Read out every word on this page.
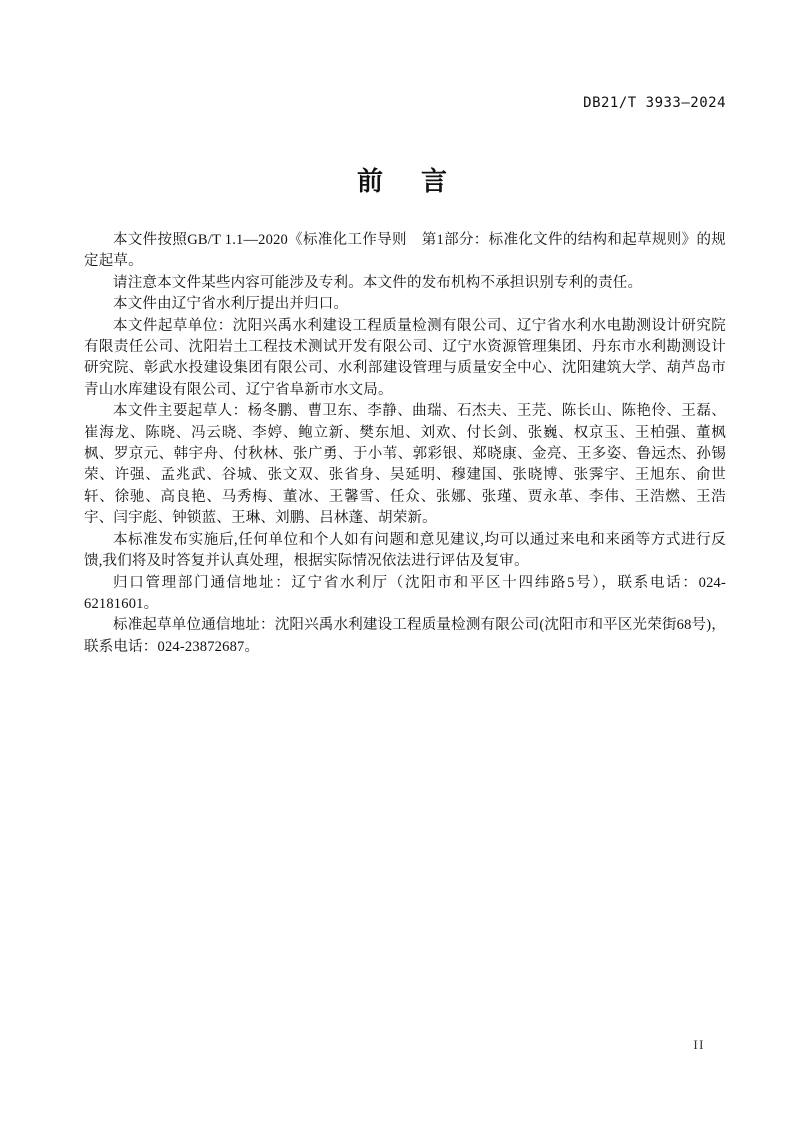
DB21/T 3933—2024
前　言

本文件按照GB/T 1.1—2020《标准化工作导则　第1部分：标准化文件的结构和起草规则》的规定起草。

请注意本文件某些内容可能涉及专利。本文件的发布机构不承担识别专利的责任。

本文件由辽宁省水利厅提出并归口。

本文件起草单位：沈阳兴禹水利建设工程质量检测有限公司、辽宁省水利水电勘测设计研究院有限责任公司、沈阳岩土工程技术测试开发有限公司、辽宁水资源管理集团、丹东市水利勘测设计研究院、彰武水投建设集团有限公司、水利部建设管理与质量安全中心、沈阳建筑大学、葫芦岛市青山水库建设有限公司、辽宁省阜新市水文局。

本文件主要起草人：杨冬鹏、曹卫东、李静、曲瑞、石杰夫、王芫、陈长山、陈艳伶、王磊、崔海龙、陈晓、冯云晓、李婷、鲍立新、樊东旭、刘欢、付长剑、张巍、权京玉、王柏强、董枫枫、罗京元、韩宇舟、付秋林、张广勇、于小苇、郭彩银、郑晓康、金亮、王多姿、鲁远杰、孙锡荣、许强、孟兆武、谷城、张文双、张省身、吴延明、穆建国、张晓博、张霁宇、王旭东、俞世轩、徐驰、高良艳、马秀梅、董冰、王馨雪、任众、张娜、张瑾、贾永革、李伟、王浩燃、王浩宇、闫宇彪、钟锁蓝、王琳、刘鹏、吕林蓬、胡荣新。

本标准发布实施后,任何单位和个人如有问题和意见建议,均可以通过来电和来函等方式进行反馈,我们将及时答复并认真处理，根据实际情况依法进行评估及复审。

归口管理部门通信地址：辽宁省水利厅（沈阳市和平区十四纬路5号），联系电话：024-62181601。

标准起草单位通信地址：沈阳兴禹水利建设工程质量检测有限公司(沈阳市和平区光荣街68号)，联系电话：024-23872687。

II
